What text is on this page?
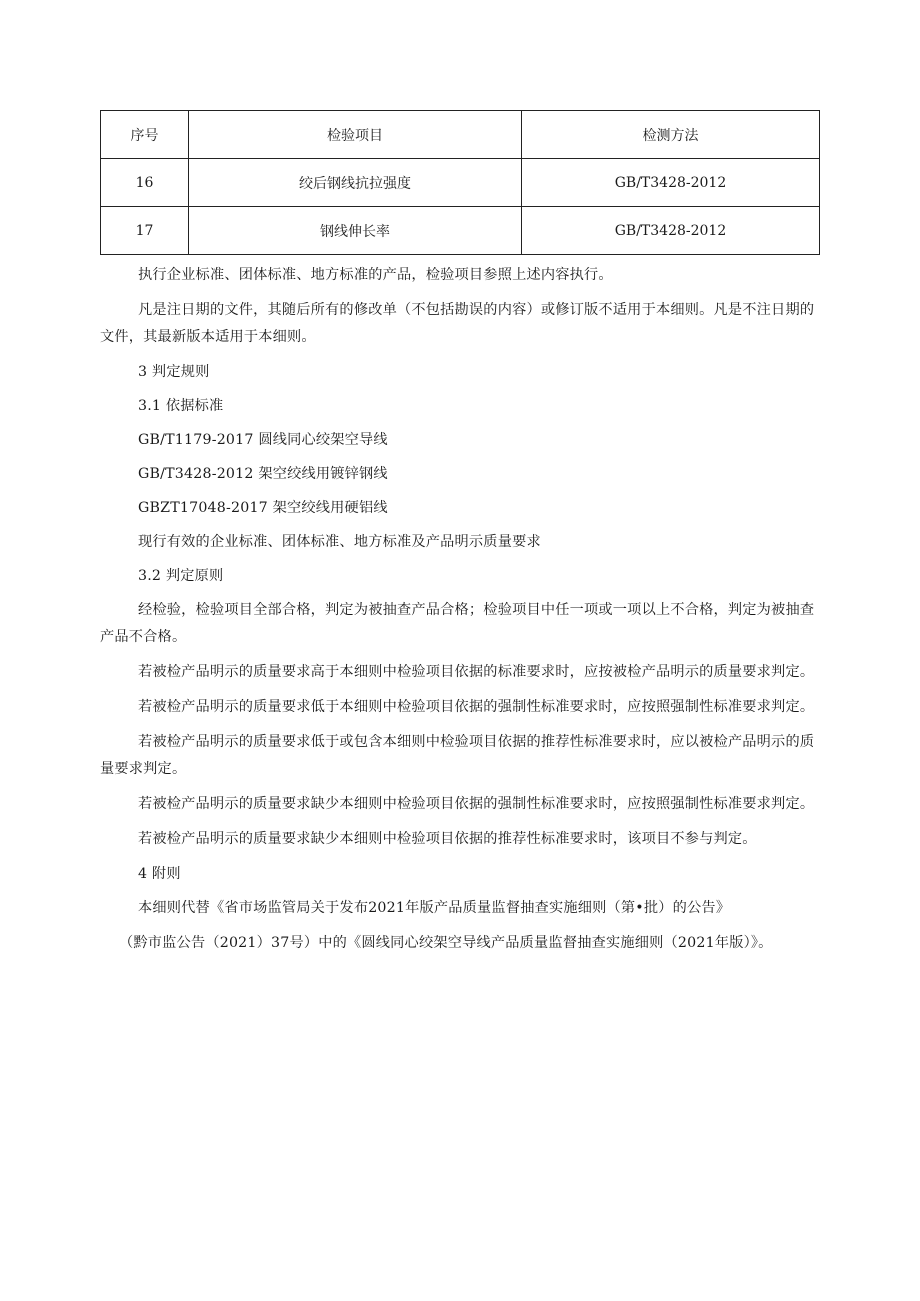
序号	检验项目	检测方法
16	绞后钢线抗拉强度	GB/T3428-2012
17	钢线伸长率	GB/T3428-2012

执行企业标准、团体标准、地方标准的产品，检验项目参照上述内容执行。

凡是注日期的文件，其随后所有的修改单（不包括勘误的内容）或修订版不适用于本细则。凡是不注日期的文件，其最新版本适用于本细则。

3 判定规则

3.1 依据标准

GB/T1179-2017 圆线同心绞架空导线

GB/T3428-2012 架空绞线用镀锌钢线

GBZT17048-2017 架空绞线用硬铝线

现行有效的企业标准、团体标准、地方标准及产品明示质量要求

3.2 判定原则

经检验，检验项目全部合格，判定为被抽查产品合格；检验项目中任一项或一项以上不合格，判定为被抽查产品不合格。

若被检产品明示的质量要求高于本细则中检验项目依据的标准要求时，应按被检产品明示的质量要求判定。

若被检产品明示的质量要求低于本细则中检验项目依据的强制性标准要求时，应按照强制性标准要求判定。

若被检产品明示的质量要求低于或包含本细则中检验项目依据的推荐性标准要求时，应以被检产品明示的质量要求判定。

若被检产品明示的质量要求缺少本细则中检验项目依据的强制性标准要求时，应按照强制性标准要求判定。

若被检产品明示的质量要求缺少本细则中检验项目依据的推荐性标准要求时，该项目不参与判定。

4 附则

本细则代替《省市场监管局关于发布2021年版产品质量监督抽查实施细则（第•批）的公告》

（黔市监公告（2021）37号）中的《圆线同心绞架空导线产品质量监督抽查实施细则（2021年版）》。
